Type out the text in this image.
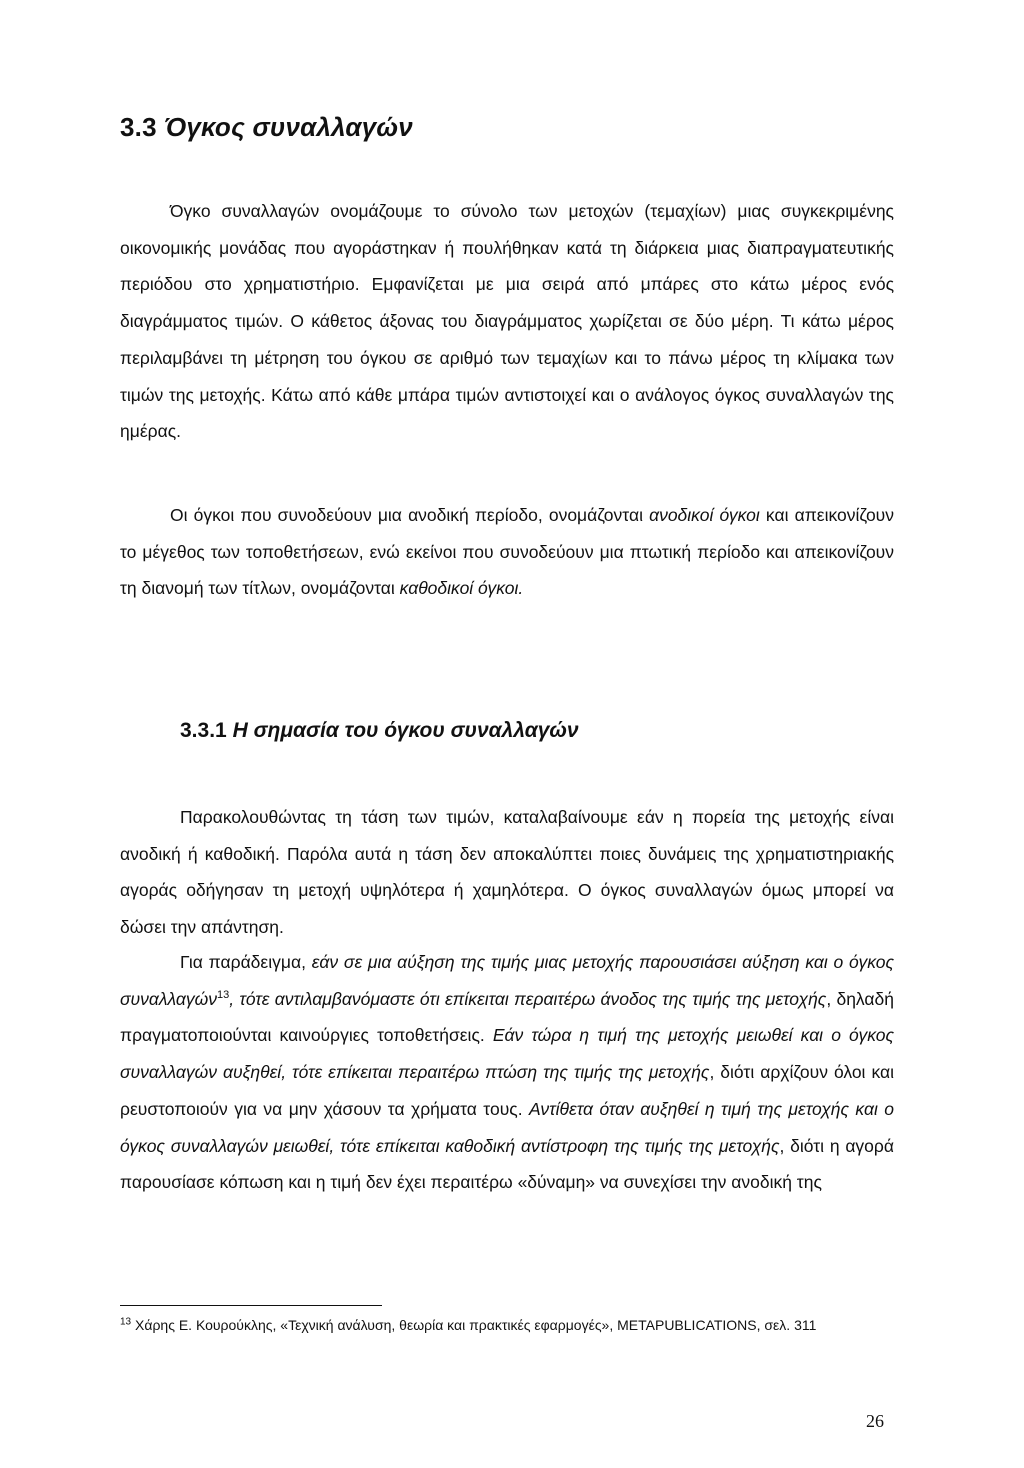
3.3 Όγκος συναλλαγών

Όγκο συναλλαγών ονομάζουμε το σύνολο των μετοχών (τεμαχίων) μιας συγκεκριμένης οικονομικής μονάδας που αγοράστηκαν ή πουλήθηκαν κατά τη διάρκεια μιας διαπραγματευτικής περιόδου στο χρηματιστήριο. Εμφανίζεται με μια σειρά από μπάρες στο κάτω μέρος ενός διαγράμματος τιμών. Ο κάθετος άξονας του διαγράμματος χωρίζεται σε δύο μέρη. Τι κάτω μέρος περιλαμβάνει τη μέτρηση του όγκου σε αριθμό των τεμαχίων και το πάνω μέρος τη κλίμακα των τιμών της μετοχής. Κάτω από κάθε μπάρα τιμών αντιστοιχεί και ο ανάλογος όγκος συναλλαγών της ημέρας.

Οι όγκοι που συνοδεύουν μια ανοδική περίοδο, ονομάζονται ανοδικοί όγκοι και απεικονίζουν το μέγεθος των τοποθετήσεων, ενώ εκείνοι που συνοδεύουν μια πτωτική περίοδο και απεικονίζουν τη διανομή των τίτλων, ονομάζονται καθοδικοί όγκοι.

3.3.1 Η σημασία του όγκου συναλλαγών

Παρακολουθώντας τη τάση των τιμών, καταλαβαίνουμε εάν η πορεία της μετοχής είναι ανοδική ή καθοδική. Παρόλα αυτά η τάση δεν αποκαλύπτει ποιες δυνάμεις της χρηματιστηριακής αγοράς οδήγησαν τη μετοχή υψηλότερα ή χαμηλότερα. Ο όγκος συναλλαγών όμως μπορεί να δώσει την απάντηση.

Για παράδειγμα, εάν σε μια αύξηση της τιμής μιας μετοχής παρουσιάσει αύξηση και ο όγκος συναλλαγών$^{13}$, τότε αντιλαμβανόμαστε ότι επίκειται περαιτέρω άνοδος της τιμής της μετοχής, δηλαδή πραγματοποιούνται καινούργιες τοποθετήσεις. Εάν τώρα η τιμή της μετοχής μειωθεί και ο όγκος συναλλαγών αυξηθεί, τότε επίκειται περαιτέρω πτώση της τιμής της μετοχής, διότι αρχίζουν όλοι και ρευστοποιούν για να μην χάσουν τα χρήματα τους. Αντίθετα όταν αυξηθεί η τιμή της μετοχής και ο όγκος συναλλαγών μειωθεί, τότε επίκειται καθοδική αντίστροφη της τιμής της μετοχής, διότι η αγορά παρουσίασε κόπωση και η τιμή δεν έχει περαιτέρω «δύναμη» να συνεχίσει την ανοδική της

$^{13}$ Χάρης Ε. Κουρούκλης, «Τεχνική ανάλυση, θεωρία και πρακτικές εφαρμογές», METAPUBLICATIONS, σελ. 311

26
